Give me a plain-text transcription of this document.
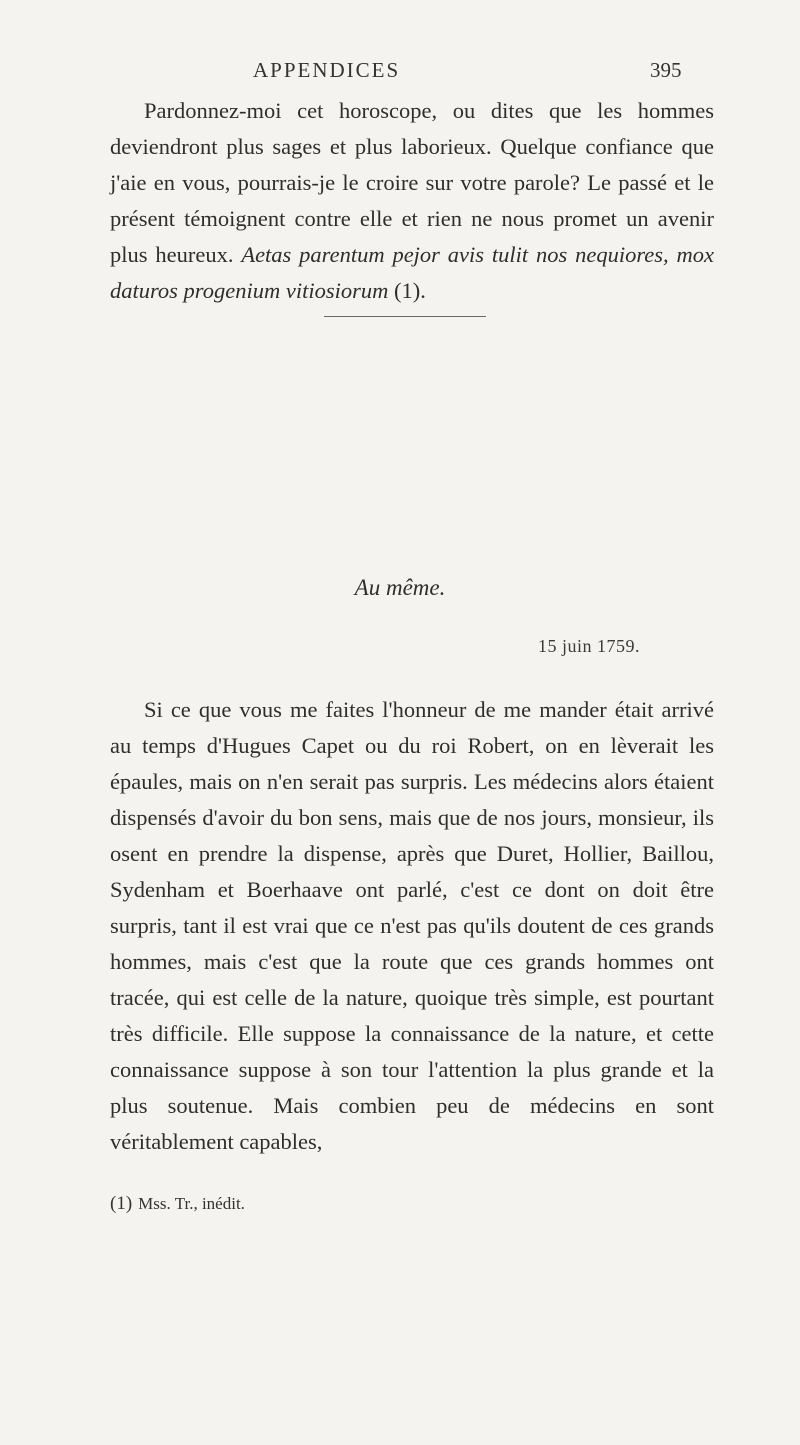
APPENDICES	395

Pardonnez-moi cet horoscope, ou dites que les hommes deviendront plus sages et plus laborieux. Quelque confiance que j'aie en vous, pourrais-je le croire sur votre parole? Le passé et le présent témoignent contre elle et rien ne nous promet un avenir plus heureux. Aetas parentum pejor avis tulit nos nequiores, mox daturos progenium vitiosiorum (1).

Au même.
15 juin 1759.

Si ce que vous me faites l'honneur de me mander était arrivé au temps d'Hugues Capet ou du roi Robert, on en lèverait les épaules, mais on n'en serait pas surpris. Les médecins alors étaient dispensés d'avoir du bon sens, mais que de nos jours, monsieur, ils osent en prendre la dispense, après que Duret, Hollier, Baillou, Sydenham et Boerhaave ont parlé, c'est ce dont on doit être surpris, tant il est vrai que ce n'est pas qu'ils doutent de ces grands hommes, mais c'est que la route que ces grands hommes ont tracée, qui est celle de la nature, quoique très simple, est pourtant très difficile. Elle suppose la connaissance de la nature, et cette connaissance suppose à son tour l'attention la plus grande et la plus soutenue. Mais combien peu de médecins en sont véritablement capables,

(1) Mss. Tr., inédit.
